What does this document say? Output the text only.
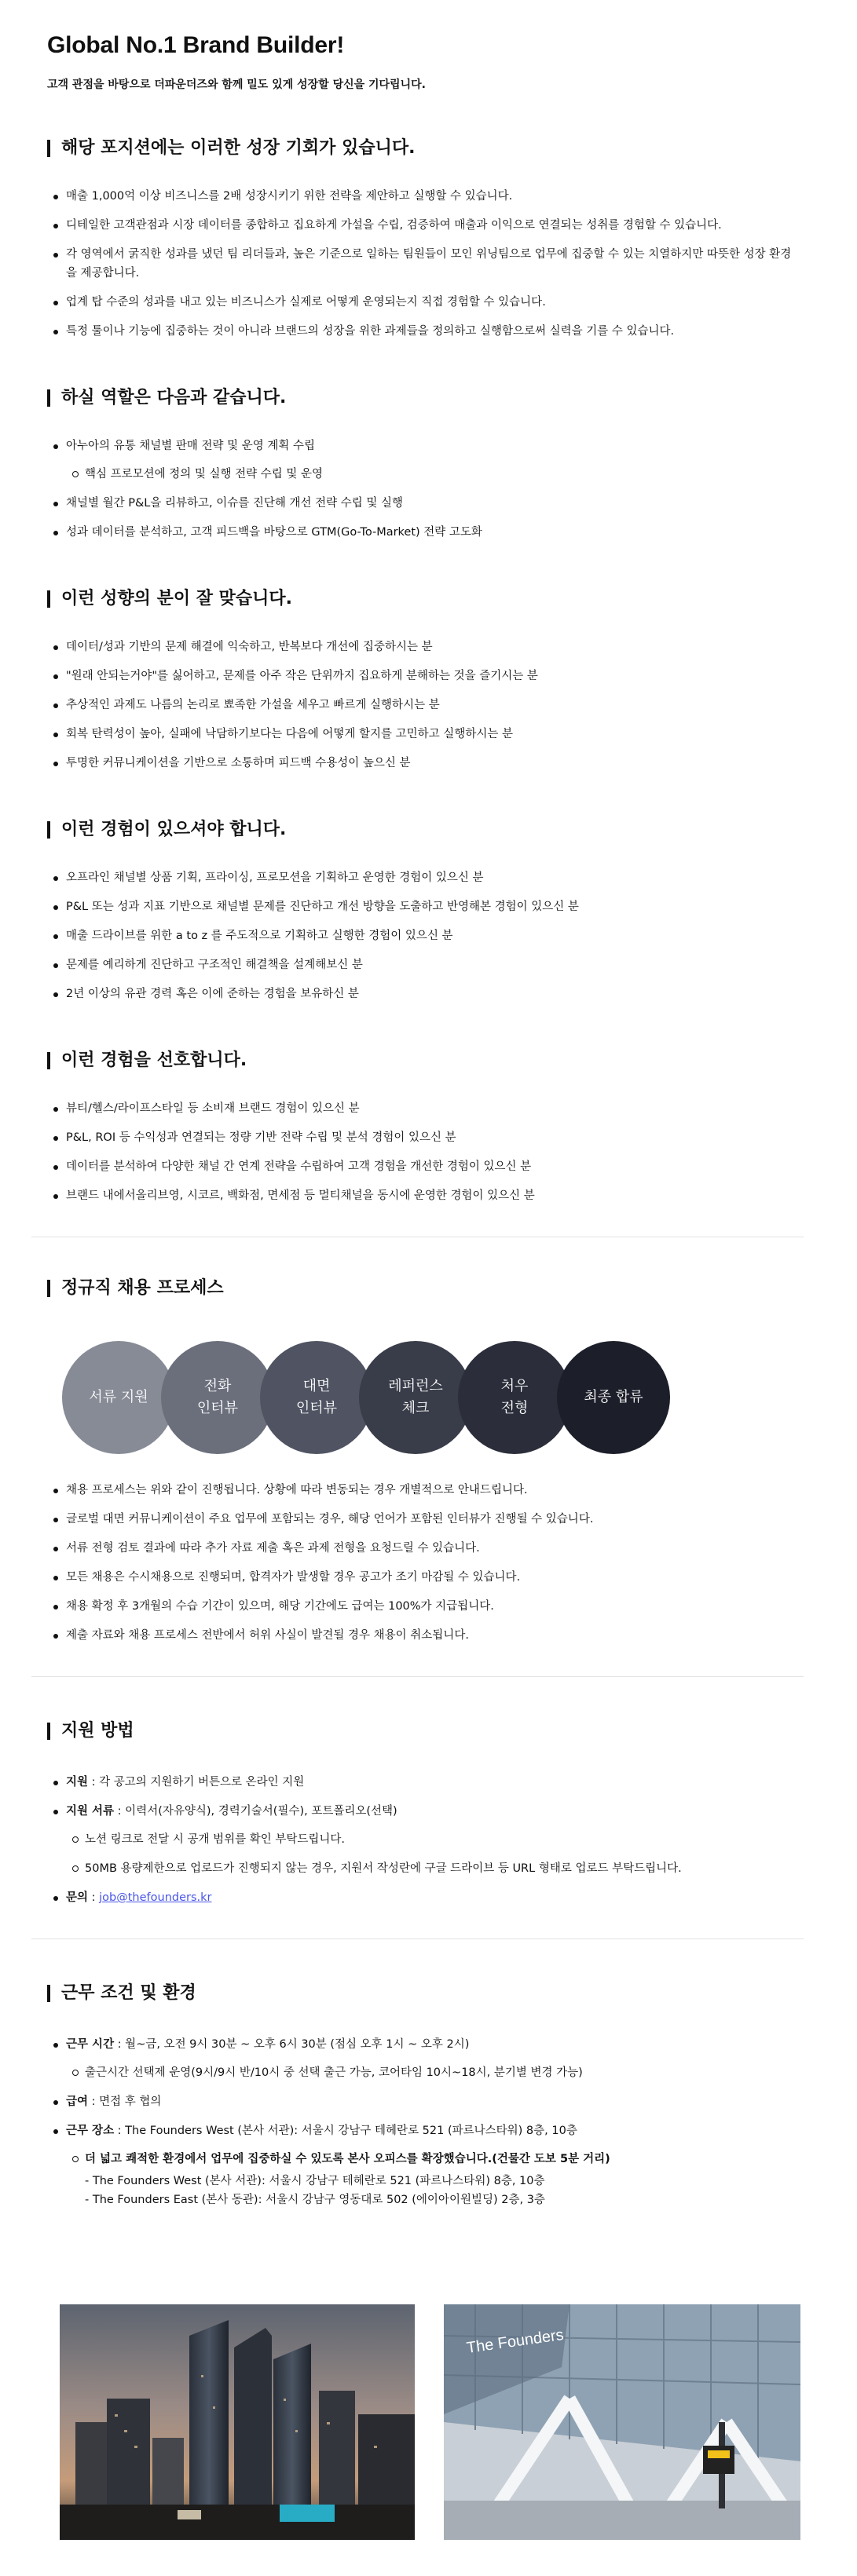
Global No.1 Brand Builder!

고객 관점을 바탕으로 더파운더즈와 함께 밀도 있게 성장할 당신을 기다립니다.

해당 포지션에는 이러한 성장 기회가 있습니다.
매출 1,000억 이상 비즈니스를 2배 성장시키기 위한 전략을 제안하고 실행할 수 있습니다.
디테일한 고객관점과 시장 데이터를 종합하고 집요하게 가설을 수립, 검증하여 매출과 이익으로 연결되는 성취를 경험할 수 있습니다.
각 영역에서 굵직한 성과를 냈던 팀 리더들과, 높은 기준으로 일하는 팀원들이 모인 위닝팀으로 업무에 집중할 수 있는 치열하지만 따뜻한 성장 환경을 제공합니다.
업계 탑 수준의 성과를 내고 있는 비즈니스가 실제로 어떻게 운영되는지 직접 경험할 수 있습니다.
특정 툴이나 기능에 집중하는 것이 아니라 브랜드의 성장을 위한 과제들을 정의하고 실행함으로써 실력을 기를 수 있습니다.
하실 역할은 다음과 같습니다.
아누아의 유통 채널별 판매 전략 및 운영 계획 수립
핵심 프로모션에 정의 및 실행 전략 수립 및 운영
채널별 월간 P&L을 리뷰하고, 이슈를 진단해 개선 전략 수립 및 실행
성과 데이터를 분석하고, 고객 피드백을 바탕으로 GTM(Go-To-Market) 전략 고도화
이런 성향의 분이 잘 맞습니다.
데이터/성과 기반의 문제 해결에 익숙하고, 반복보다 개선에 집중하시는 분
"원래 안되는거야"를 싫어하고, 문제를 아주 작은 단위까지 집요하게 분해하는 것을 즐기시는 분
추상적인 과제도 나름의 논리로 뾰족한 가설을 세우고 빠르게 실행하시는 분
회복 탄력성이 높아, 실패에 낙담하기보다는 다음에 어떻게 할지를 고민하고 실행하시는 분
투명한 커뮤니케이션을 기반으로 소통하며 피드백 수용성이 높으신 분
이런 경험이 있으셔야 합니다.
오프라인 채널별 상품 기획, 프라이싱, 프로모션을 기획하고 운영한 경험이 있으신 분
P&L 또는 성과 지표 기반으로 채널별 문제를 진단하고 개선 방향을 도출하고 반영해본 경험이 있으신 분
매출 드라이브를 위한 a to z 를 주도적으로 기획하고 실행한 경험이 있으신 분
문제를 예리하게 진단하고 구조적인 해결책을 설계해보신 분
2년 이상의 유관 경력 혹은 이에 준하는 경험을 보유하신 분
이런 경험을 선호합니다.
뷰티/헬스/라이프스타일 등 소비재 브랜드 경험이 있으신 분
P&L, ROI 등 수익성과 연결되는 정량 기반 전략 수립 및 분석 경험이 있으신 분
데이터를 분석하여 다양한 채널 간 연계 전략을 수립하여 고객 경험을 개선한 경험이 있으신 분
브랜드 내에서올리브영, 시코르, 백화점, 면세점 등 멀티채널을 동시에 운영한 경험이 있으신 분
정규직 채용 프로세스
서류 지원
전화
인터뷰
대면
인터뷰
레퍼런스
체크
처우
전형
최종 합류
채용 프로세스는 위와 같이 진행됩니다. 상황에 따라 변동되는 경우 개별적으로 안내드립니다.
글로벌 대면 커뮤니케이션이 주요 업무에 포함되는 경우, 해당 언어가 포함된 인터뷰가 진행될 수 있습니다.
서류 전형 검토 결과에 따라 추가 자료 제출 혹은 과제 전형을 요청드릴 수 있습니다.
모든 채용은 수시채용으로 진행되며, 합격자가 발생할 경우 공고가 조기 마감될 수 있습니다.
채용 확정 후 3개월의 수습 기간이 있으며, 해당 기간에도 급여는 100%가 지급됩니다.
제출 자료와 채용 프로세스 전반에서 허위 사실이 발견될 경우 채용이 취소됩니다.
지원 방법
지원 : 각 공고의 지원하기 버튼으로 온라인 지원
지원 서류 : 이력서(자유양식), 경력기술서(필수), 포트폴리오(선택)
노션 링크로 전달 시 공개 범위를 확인 부탁드립니다.
50MB 용량제한으로 업로드가 진행되지 않는 경우, 지원서 작성란에 구글 드라이브 등 URL 형태로 업로드 부탁드립니다.
문의 : job@thefounders.kr
근무 조건 및 환경
근무 시간 : 월~금, 오전 9시 30분 ~ 오후 6시 30분 (점심 오후 1시 ~ 오후 2시)
출근시간 선택제 운영(9시/9시 반/10시 중 선택 출근 가능, 코어타임 10시~18시, 분기별 변경 가능)
급여 : 면접 후 협의
근무 장소 : The Founders West (본사 서관): 서울시 강남구 테헤란로 521 (파르나스타워) 8층, 10층
더 넓고 쾌적한 환경에서 업무에 집중하실 수 있도록 본사 오피스를 확장했습니다.(건물간 도보 5분 거리)
- The Founders West (본사 서관): 서울시 강남구 테헤란로 521 (파르나스타워) 8층, 10층
- The Founders East (본사 동관): 서울시 강남구 영동대로 502 (에이아이원빌딩) 2층, 3층
The Founders
